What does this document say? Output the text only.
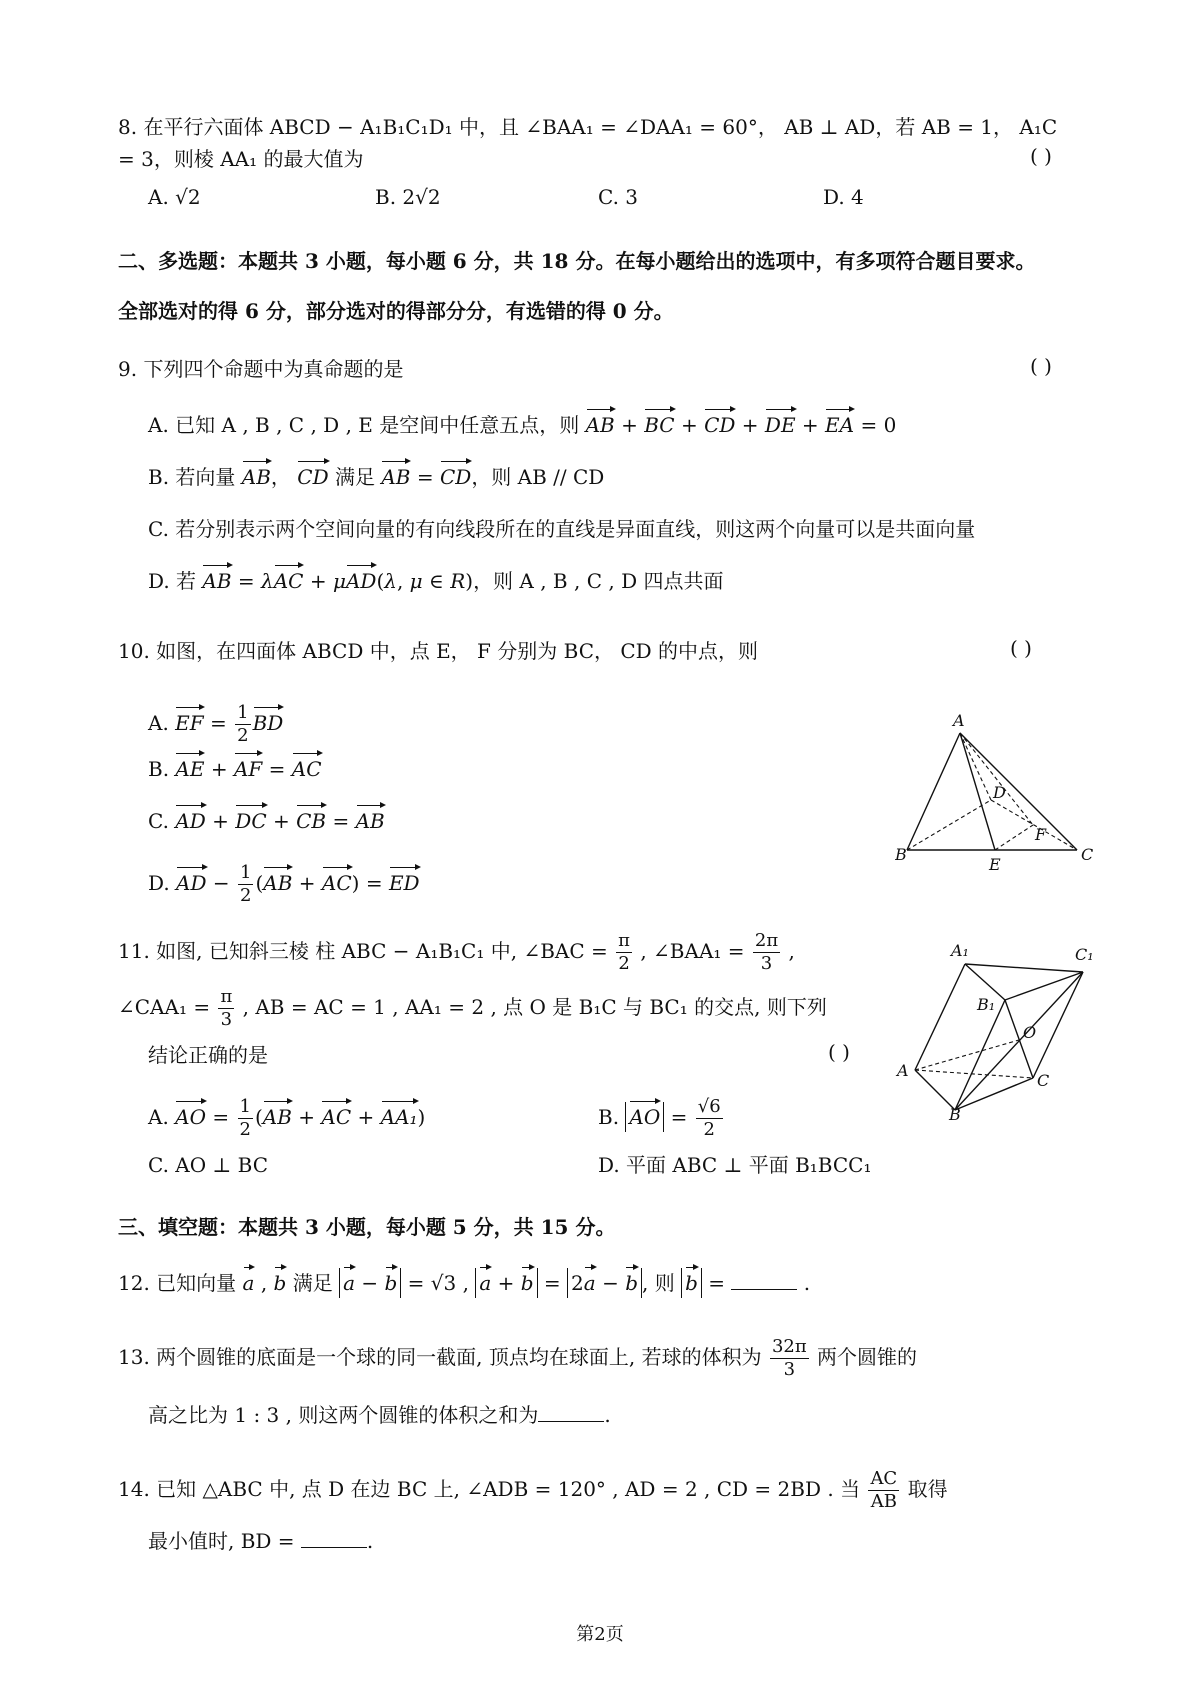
8. 在平行六面体 ABCD − A₁B₁C₁D₁ 中，且 ∠BAA₁ = ∠DAA₁ = 60°， AB ⊥ AD，若 AB = 1， A₁C
= 3，则棱 AA₁ 的最大值为	( )
A. √2	B. 2√2	C. 3	D. 4
二、多选题：本题共 3 小题，每小题 6 分，共 18 分。在每小题给出的选项中，有多项符合题目要求。
全部选对的得 6 分，部分选对的得部分分，有选错的得 0 分。
9. 下列四个命题中为真命题的是	( )
A. 已知 A , B , C , D , E 是空间中任意五点，则 AB + BC + CD + DE + EA = 0
B. 若向量 AB， CD 满足 AB = CD，则 AB // CD
C. 若分别表示两个空间向量的有向线段所在的直线是异面直线，则这两个向量可以是共面向量
D. 若 AB = λAC + μAD(λ, μ ∈ R)，则 A , B , C , D 四点共面
10. 如图，在四面体 ABCD 中，点 E， F 分别为 BC， CD 的中点，则	( )
A. EF = $\frac{1}{2}$ BD
B. AE + AF = AC
C. AD + DC + CB = AB
D. AD − $\frac{1}{2} (AB + AC)$ = ED
A
B	C
D
E
F
11. 如图, 已知斜三棱 柱 ABC − A₁B₁C₁ 中, ∠BAC = $\frac{\pi}{2}$ , ∠BAA₁ = $\frac{2\pi}{3}$ ,
∠CAA₁ = $\frac{\pi}{3}$ , AB = AC = 1 , AA₁ = 2 , 点 O 是 B₁C 与 BC₁ 的交点, 则下列
结论正确的是	( )
A. AO = $\frac{1}{2} (AB$ + AC + AA₁)	B. AO = $\frac{√6}{2}$
C. AO ⊥ BC	D. 平面 ABC ⊥ 平面 B₁BCC₁
A₁	C₁
B₁
O
A
C
B
三、填空题：本题共 3 小题，每小题 5 分，共 15 分。
12. 已知向量 a , b 满足 a − b = √3 , a + b = 2a − b , 则 b =	.
13. 两个圆锥的底面是一个球的同一截面, 顶点均在球面上, 若球的体积为 $\frac{32\pi}{3}$ 两个圆锥的
高之比为 1 : 3 , 则这两个圆锥的体积之和为	.
14. 已知 △ABC 中, 点 D 在边 BC 上, ∠ADB = 120° , AD = 2 , CD = 2BD . 当 $\frac{AC}{AB}$ 取得
最小值时, BD =	.
第2页
